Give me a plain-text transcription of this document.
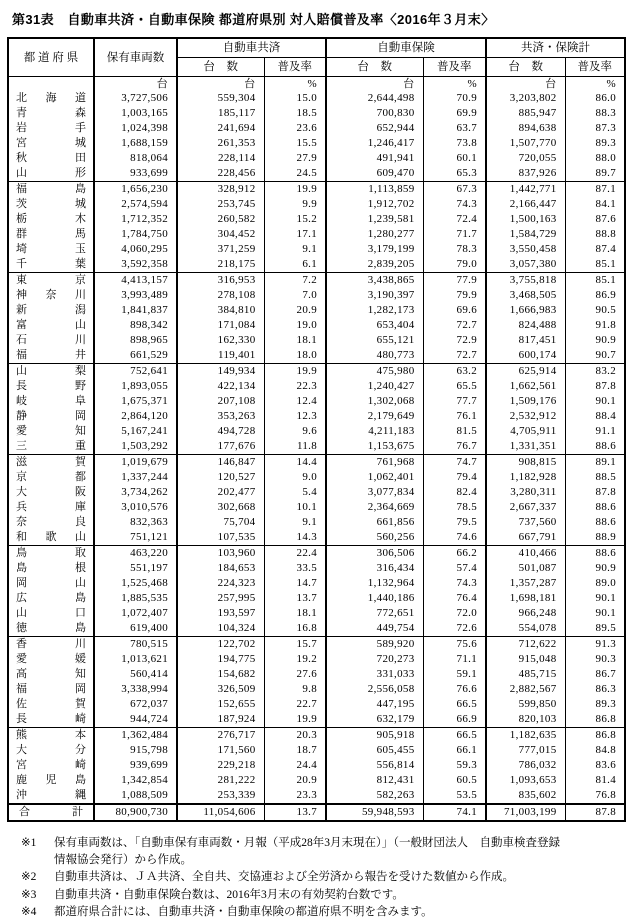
第31表　自動車共済・自動車保険 都道府県別 対人賠償普及率〈2016年３月末〉
都 道 府 県	保有車両数	自動車共済		自動車保険		共済・保険計	
		台　数	普及率	台　数	普及率	台　数	普及率
	台	台	%	台	%	台	%

北 海 道	3,727,506	559,304	15.0	2,644,498	70.9	3,203,802	86.0

青 森	1,003,165	185,117	18.5	700,830	69.9	885,947	88.3

岩 手	1,024,398	241,694	23.6	652,944	63.7	894,638	87.3

宮 城	1,688,159	261,353	15.5	1,246,417	73.8	1,507,770	89.3

秋 田	818,064	228,114	27.9	491,941	60.1	720,055	88.0

山 形	933,699	228,456	24.5	609,470	65.3	837,926	89.7

福 島	1,656,230	328,912	19.9	1,113,859	67.3	1,442,771	87.1

茨 城	2,574,594	253,745	9.9	1,912,702	74.3	2,166,447	84.1

栃 木	1,712,352	260,582	15.2	1,239,581	72.4	1,500,163	87.6

群 馬	1,784,750	304,452	17.1	1,280,277	71.7	1,584,729	88.8

埼 玉	4,060,295	371,259	9.1	3,179,199	78.3	3,550,458	87.4

千 葉	3,592,358	218,175	6.1	2,839,205	79.0	3,057,380	85.1

東 京	4,413,157	316,953	7.2	3,438,865	77.9	3,755,818	85.1

神 奈 川	3,993,489	278,108	7.0	3,190,397	79.9	3,468,505	86.9

新 潟	1,841,837	384,810	20.9	1,282,173	69.6	1,666,983	90.5

富 山	898,342	171,084	19.0	653,404	72.7	824,488	91.8

石 川	898,965	162,330	18.1	655,121	72.9	817,451	90.9

福 井	661,529	119,401	18.0	480,773	72.7	600,174	90.7

山 梨	752,641	149,934	19.9	475,980	63.2	625,914	83.2

長 野	1,893,055	422,134	22.3	1,240,427	65.5	1,662,561	87.8

岐 阜	1,675,371	207,108	12.4	1,302,068	77.7	1,509,176	90.1

静 岡	2,864,120	353,263	12.3	2,179,649	76.1	2,532,912	88.4

愛 知	5,167,241	494,728	9.6	4,211,183	81.5	4,705,911	91.1

三 重	1,503,292	177,676	11.8	1,153,675	76.7	1,331,351	88.6

滋 賀	1,019,679	146,847	14.4	761,968	74.7	908,815	89.1

京 都	1,337,244	120,527	9.0	1,062,401	79.4	1,182,928	88.5

大 阪	3,734,262	202,477	5.4	3,077,834	82.4	3,280,311	87.8

兵 庫	3,010,576	302,668	10.1	2,364,669	78.5	2,667,337	88.6

奈 良	832,363	75,704	9.1	661,856	79.5	737,560	88.6

和 歌 山	751,121	107,535	14.3	560,256	74.6	667,791	88.9

鳥 取	463,220	103,960	22.4	306,506	66.2	410,466	88.6

島 根	551,197	184,653	33.5	316,434	57.4	501,087	90.9

岡 山	1,525,468	224,323	14.7	1,132,964	74.3	1,357,287	89.0

広 島	1,885,535	257,995	13.7	1,440,186	76.4	1,698,181	90.1

山 口	1,072,407	193,597	18.1	772,651	72.0	966,248	90.1

徳 島	619,400	104,324	16.8	449,754	72.6	554,078	89.5

香 川	780,515	122,702	15.7	589,920	75.6	712,622	91.3

愛 媛	1,013,621	194,775	19.2	720,273	71.1	915,048	90.3

高 知	560,414	154,682	27.6	331,033	59.1	485,715	86.7

福 岡	3,338,994	326,509	9.8	2,556,058	76.6	2,882,567	86.3

佐 賀	672,037	152,655	22.7	447,195	66.5	599,850	89.3

長 崎	944,724	187,924	19.9	632,179	66.9	820,103	86.8

熊 本	1,362,484	276,717	20.3	905,918	66.5	1,182,635	86.8

大 分	915,798	171,560	18.7	605,455	66.1	777,015	84.8

宮 崎	939,699	229,218	24.4	556,814	59.3	786,032	83.6

鹿 児 島	1,342,854	281,222	20.9	812,431	60.5	1,093,653	81.4

沖 縄	1,088,509	253,339	23.3	582,263	53.5	835,602	76.8

合 計	80,900,730	11,054,606	13.7	59,948,593	74.1	71,003,199	87.8
※1	保有車両数は、「自動車保有車両数・月報（平成28年3月末現在）」（一般財団法人　自動車検査登録情報協会発行）から作成。
※2	自動車共済は、ＪＡ共済、全自共、交協連および全労済から報告を受けた数値から作成。
※3	自動車共済・自動車保険台数は、2016年3月末の有効契約台数です。
※4	都道府県合計には、自動車共済・自動車保険の都道府県不明を含みます。
